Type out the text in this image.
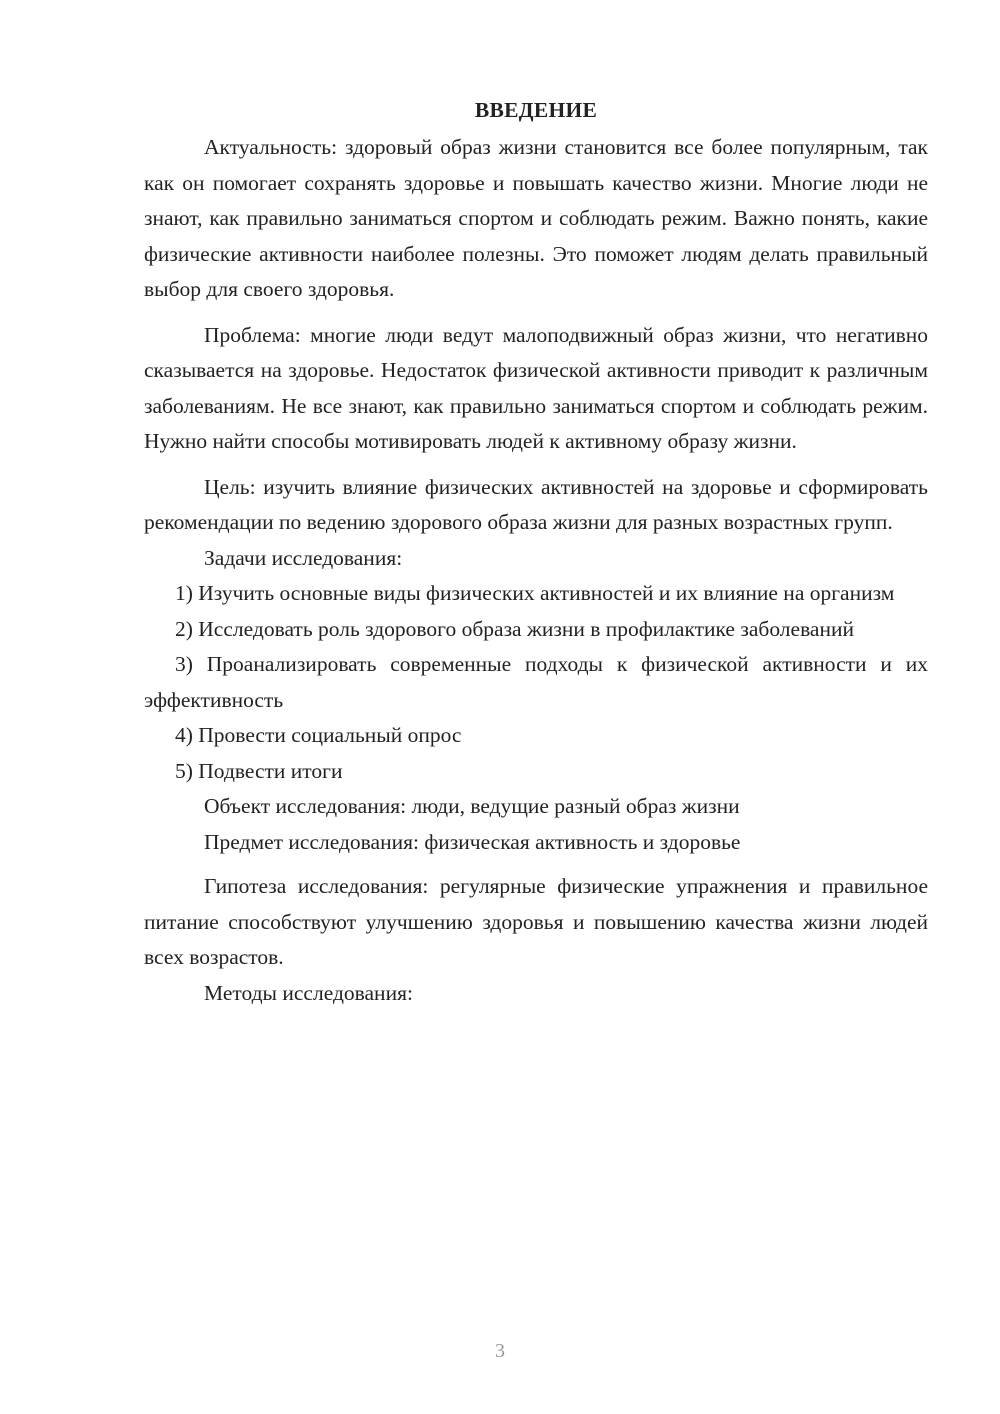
ВВЕДЕНИЕ

Актуальность: здоровый образ жизни становится все более популярным, так как он помогает сохранять здоровье и повышать качество жизни. Многие люди не знают, как правильно заниматься спортом и соблюдать режим. Важно понять, какие физические активности наиболее полезны. Это поможет людям делать правильный выбор для своего здоровья.

Проблема: многие люди ведут малоподвижный образ жизни, что негативно сказывается на здоровье. Недостаток физической активности приводит к различным заболеваниям. Не все знают, как правильно заниматься спортом и соблюдать режим. Нужно найти способы мотивировать людей к активному образу жизни.

Цель: изучить влияние физических активностей на здоровье и сформировать рекомендации по ведению здорового образа жизни для разных возрастных групп.

Задачи исследования:

1) Изучить основные виды физических активностей и их влияние на организм

2) Исследовать роль здорового образа жизни в профилактике заболеваний

3) Проанализировать современные подходы к физической активности и их эффективность

4) Провести социальный опрос

5) Подвести итоги

Объект исследования: люди, ведущие разный образ жизни

Предмет исследования: физическая активность и здоровье

Гипотеза исследования: регулярные физические упражнения и правильное питание способствуют улучшению здоровья и повышению качества жизни людей всех возрастов.

Методы исследования:

3
